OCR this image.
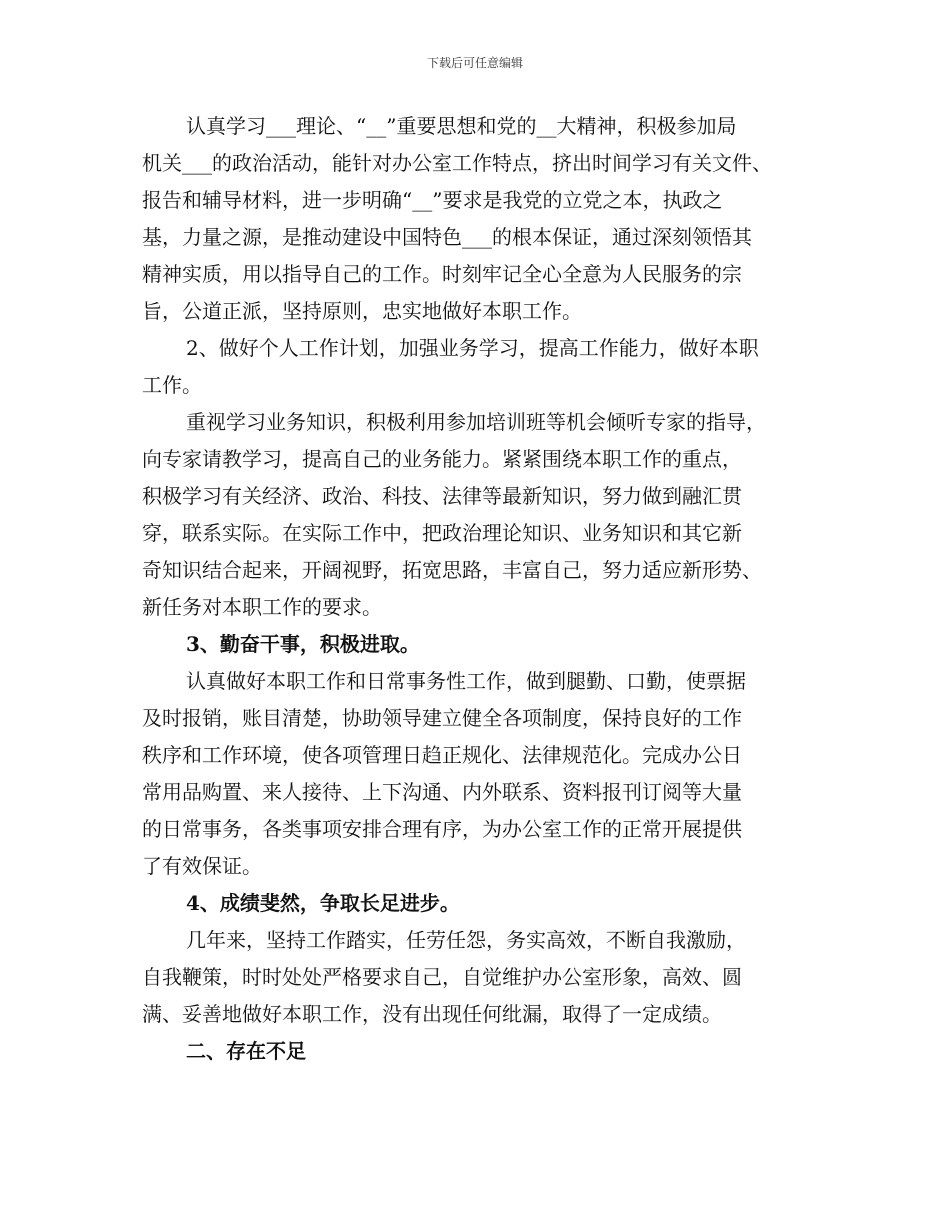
下载后可任意编辑
认真学习___理论、“__”重要思想和党的__大精神，积极参加局
机关___的政治活动，能针对办公室工作特点，挤出时间学习有关文件、
报告和辅导材料，进一步明确“__”要求是我党的立党之本，执政之
基，力量之源，是推动建设中国特色___的根本保证，通过深刻领悟其
精神实质，用以指导自己的工作。时刻牢记全心全意为人民服务的宗
旨，公道正派，坚持原则，忠实地做好本职工作。
2、做好个人工作计划，加强业务学习，提高工作能力，做好本职
工作。
重视学习业务知识，积极利用参加培训班等机会倾听专家的指导，
向专家请教学习，提高自己的业务能力。紧紧围绕本职工作的重点，
积极学习有关经济、政治、科技、法律等最新知识，努力做到融汇贯
穿，联系实际。在实际工作中，把政治理论知识、业务知识和其它新
奇知识结合起来，开阔视野，拓宽思路，丰富自己，努力适应新形势、
新任务对本职工作的要求。
3、勤奋干事，积极进取。
认真做好本职工作和日常事务性工作，做到腿勤、口勤，使票据
及时报销，账目清楚，协助领导建立健全各项制度，保持良好的工作
秩序和工作环境，使各项管理日趋正规化、法律规范化。完成办公日
常用品购置、来人接待、上下沟通、内外联系、资料报刊订阅等大量
的日常事务，各类事项安排合理有序，为办公室工作的正常开展提供
了有效保证。
4、成绩斐然，争取长足进步。
几年来，坚持工作踏实，任劳任怨，务实高效，不断自我激励，
自我鞭策，时时处处严格要求自己，自觉维护办公室形象，高效、圆
满、妥善地做好本职工作，没有出现任何纰漏，取得了一定成绩。
二、存在不足
